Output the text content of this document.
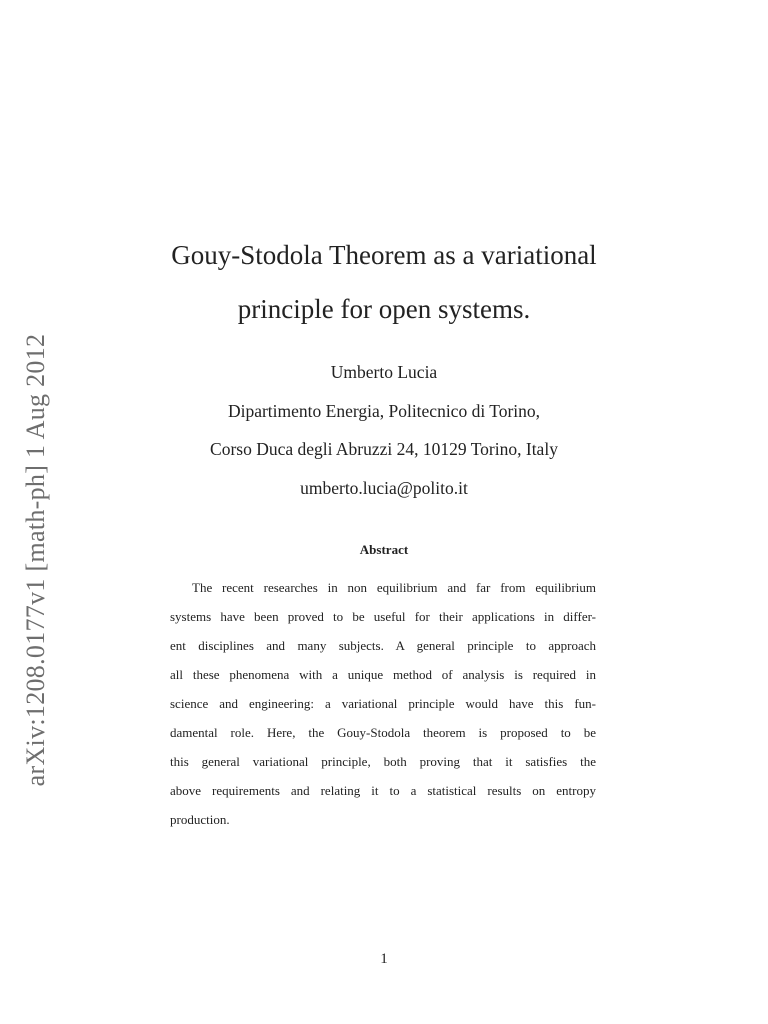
arXiv:1208.0177v1 [math-ph] 1 Aug 2012
Gouy-Stodola Theorem as a variational
principle for open systems.
Umberto Lucia
Dipartimento Energia, Politecnico di Torino,
Corso Duca degli Abruzzi 24, 10129 Torino, Italy
umberto.lucia@polito.it
Abstract
The recent researches in non equilibrium and far from equilibrium
systems have been proved to be useful for their applications in differ-
ent disciplines and many subjects. A general principle to approach
all these phenomena with a unique method of analysis is required in
science and engineering: a variational principle would have this fun-
damental role. Here, the Gouy-Stodola theorem is proposed to be
this general variational principle, both proving that it satisfies the
above requirements and relating it to a statistical results on entropy
production.
1
